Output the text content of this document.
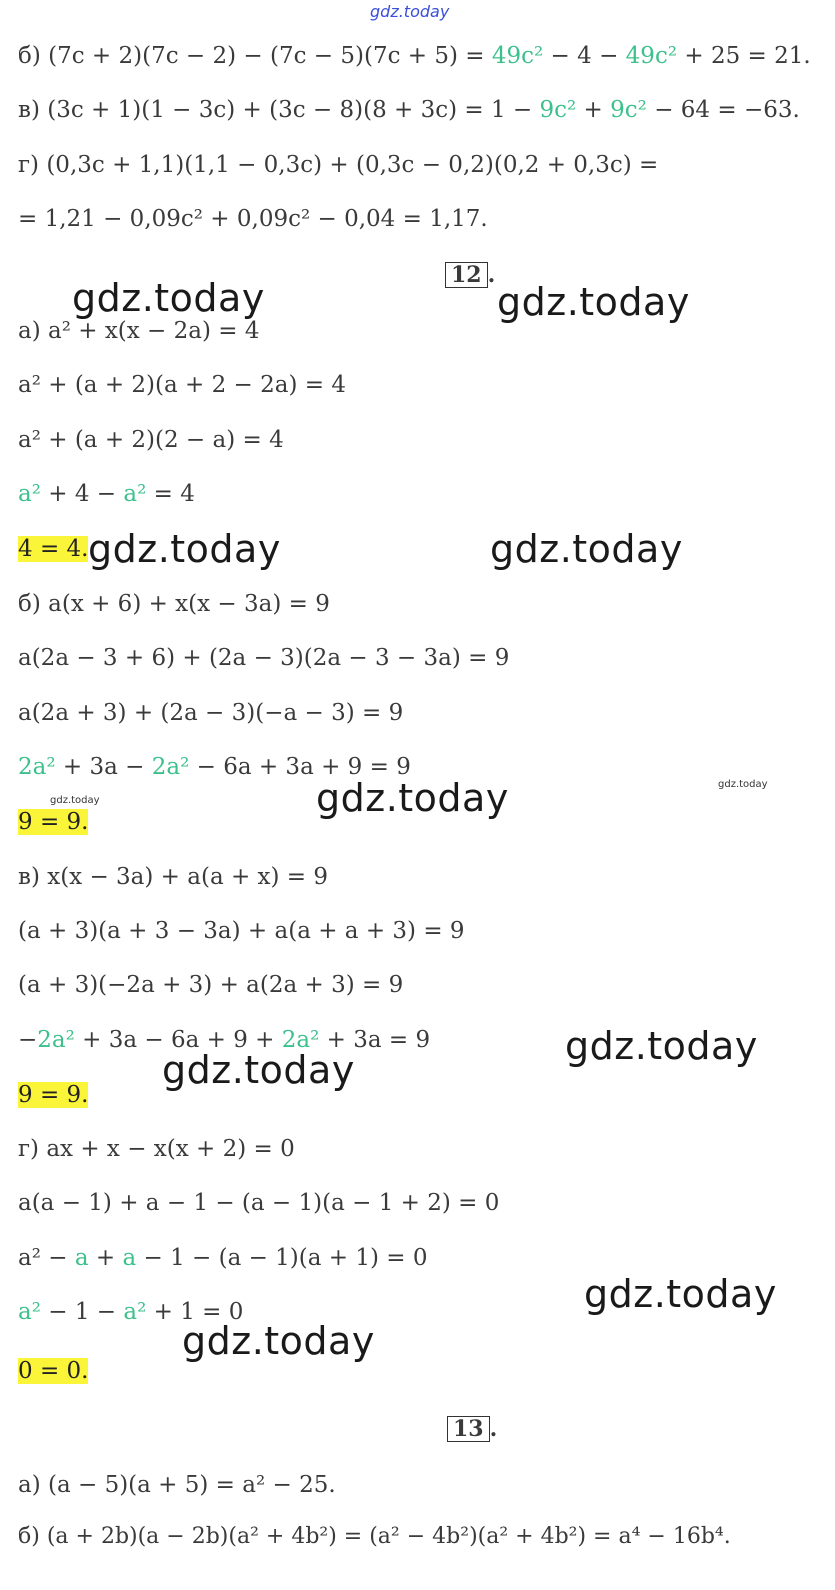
gdz.today
б) (7c + 2)(7c − 2) − (7c − 5)(7c + 5) = 49c² − 4 − 49c² + 25 = 21.
в) (3c + 1)(1 − 3c) + (3c − 8)(8 + 3c) = 1 − 9c² + 9c² − 64 = −63.
г) (0,3c + 1,1)(1,1 − 0,3c) + (0,3c − 0,2)(0,2 + 0,3c) =
= 1,21 − 0,09c² + 0,09c² − 0,04 = 1,17.
12 .
gdz.today	gdz.today
а) a² + x(x − 2a) = 4
a² + (a + 2)(a + 2 − 2a) = 4
a² + (a + 2)(2 − a) = 4
a² + 4 − a² = 4
4 = 4. gdz.today	gdz.today
б) a(x + 6) + x(x − 3a) = 9
a(2a − 3 + 6) + (2a − 3)(2a − 3 − 3a) = 9
a(2a + 3) + (2a − 3)(−a − 3) = 9
2a² + 3a − 2a² − 6a + 3a + 9 = 9
gdz.today
gdz.today
gdz.today
9 = 9.
в) x(x − 3a) + a(a + x) = 9
(a + 3)(a + 3 − 3a) + a(a + a + 3) = 9
(a + 3)(−2a + 3) + a(2a + 3) = 9
−2a² + 3a − 6a + 9 + 2a² + 3a = 9	gdz.today
gdz.today
9 = 9.
г) ax + x − x(x + 2) = 0
a(a − 1) + a − 1 − (a − 1)(a − 1 + 2) = 0
a² − a + a − 1 − (a − 1)(a + 1) = 0
a² − 1 − a² + 1 = 0	gdz.today
gdz.today
0 = 0.
13 .
а) (a − 5)(a + 5) = a² − 25.
б) (a + 2b)(a − 2b)(a² + 4b²) = (a² − 4b²)(a² + 4b²) = a⁴ − 16b⁴.
